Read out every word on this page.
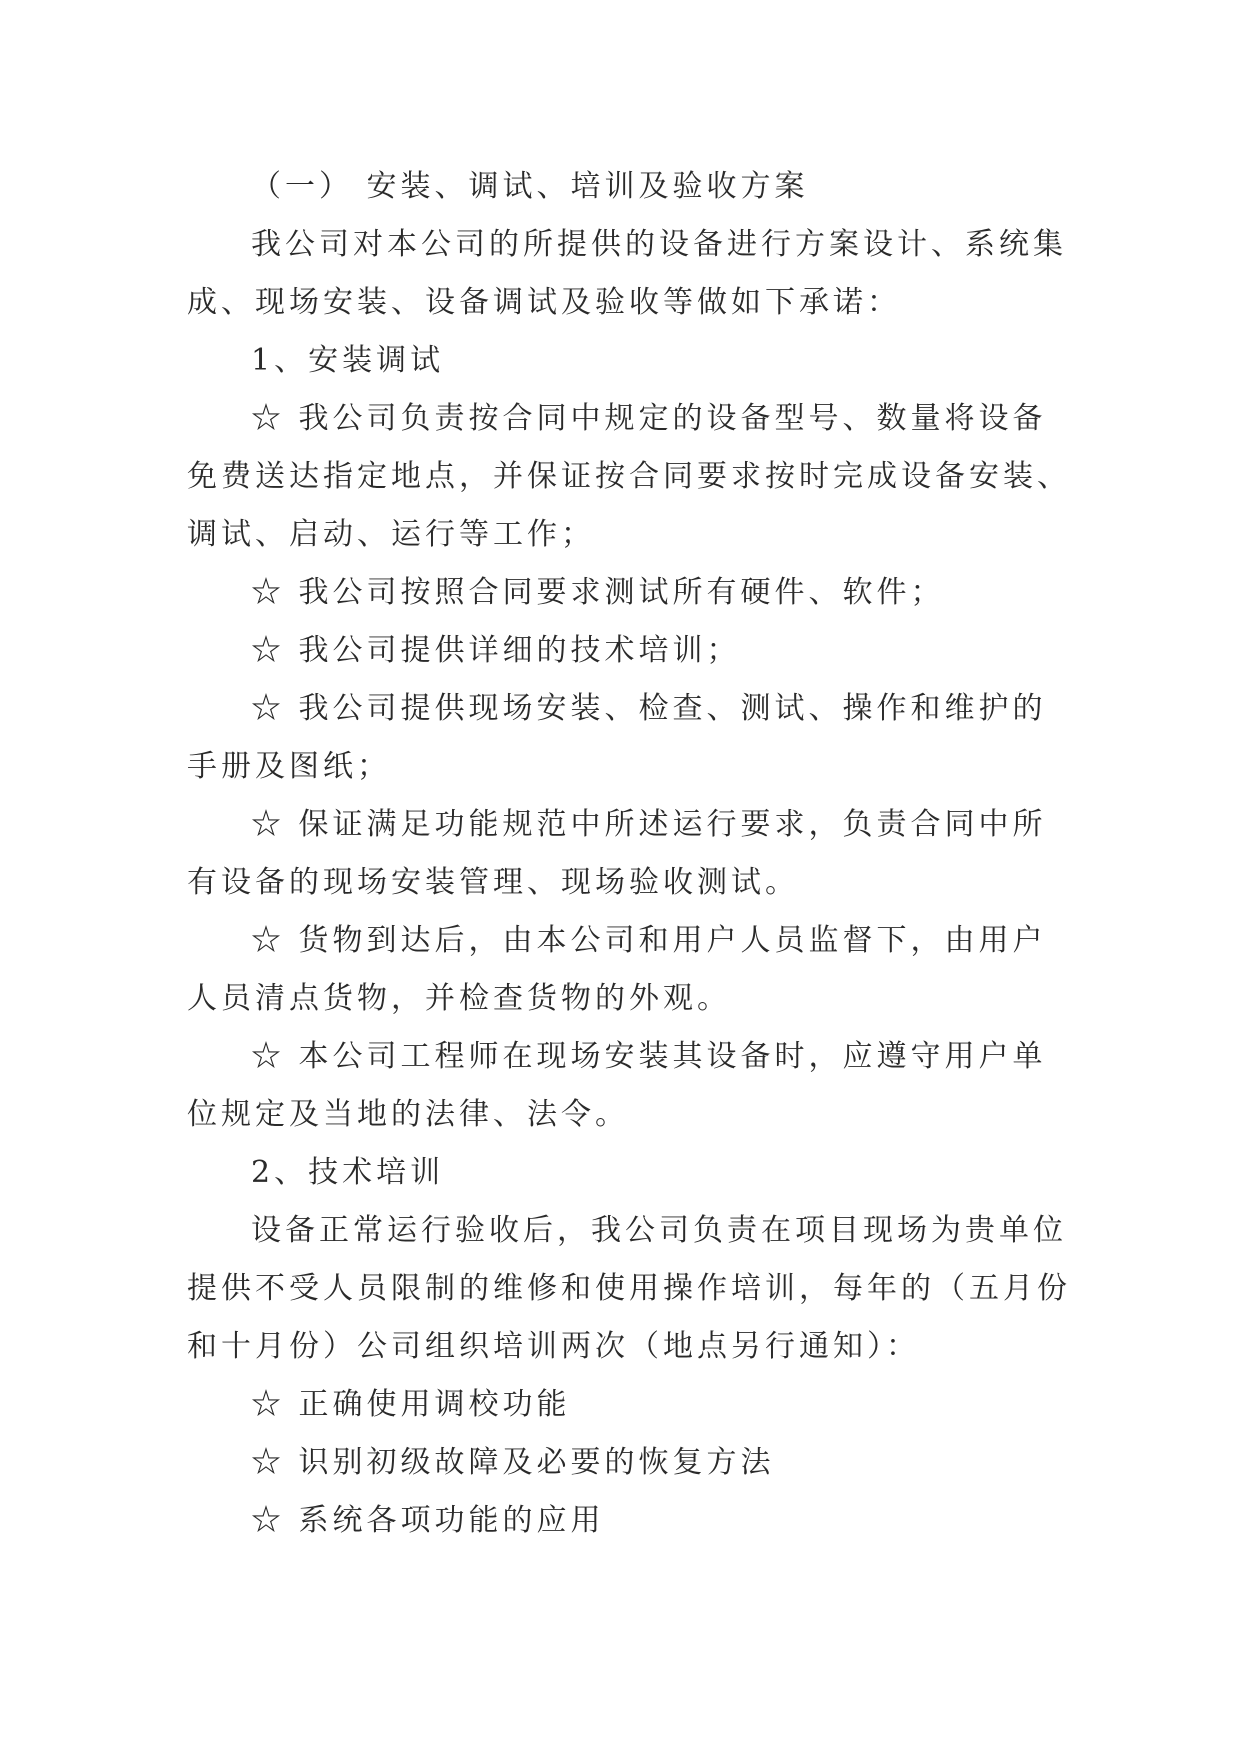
（一） 安装、调试、培训及验收方案
我公司对本公司的所提供的设备进行方案设计、系统集
成、现场安装、设备调试及验收等做如下承诺：
1、安装调试
☆ 我公司负责按合同中规定的设备型号、数量将设备
免费送达指定地点，并保证按合同要求按时完成设备安装、
调试、启动、运行等工作；
☆ 我公司按照合同要求测试所有硬件、软件；
☆ 我公司提供详细的技术培训；
☆ 我公司提供现场安装、检查、测试、操作和维护的
手册及图纸；
☆ 保证满足功能规范中所述运行要求，负责合同中所
有设备的现场安装管理、现场验收测试。
☆ 货物到达后，由本公司和用户人员监督下，由用户
人员清点货物，并检查货物的外观。
☆ 本公司工程师在现场安装其设备时，应遵守用户单
位规定及当地的法律、法令。
2、技术培训
设备正常运行验收后，我公司负责在项目现场为贵单位
提供不受人员限制的维修和使用操作培训，每年的（五月份
和十月份）公司组织培训两次（地点另行通知）：
☆ 正确使用调校功能
☆ 识别初级故障及必要的恢复方法
☆ 系统各项功能的应用
